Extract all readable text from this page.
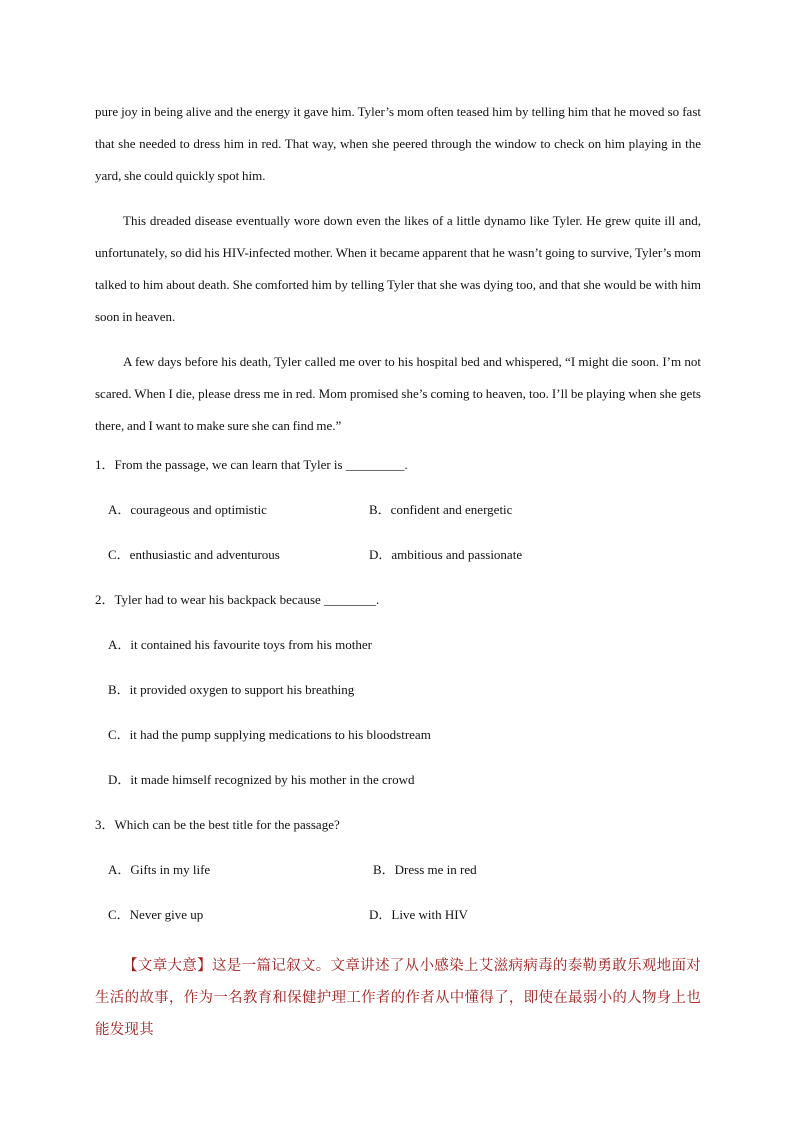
pure joy in being alive and the energy it gave him. Tyler’s mom often teased him by telling him that he moved so fast that she needed to dress him in red. That way, when she peered through the window to check on him playing in the yard, she could quickly spot him.

This dreaded disease eventually wore down even the likes of a little dynamo like Tyler. He grew quite ill and, unfortunately, so did his HIV-infected mother. When it became apparent that he wasn’t going to survive, Tyler’s mom talked to him about death. She comforted him by telling Tyler that she was dying too, and that she would be with him soon in heaven.

A few days before his death, Tyler called me over to his hospital bed and whispered, “I might die soon. I’m not scared. When I die, please dress me in red. Mom promised she’s coming to heaven, too. I’ll be playing when she gets there, and I want to make sure she can find me.”

1．From the passage, we can learn that Tyler is _________.
A．courageous and optimistic	B．confident and energetic
C．enthusiastic and adventurous	D．ambitious and passionate
2．Tyler had to wear his backpack because ________.
A．it contained his favourite toys from his mother
B．it provided oxygen to support his breathing
C．it had the pump supplying medications to his bloodstream
D．it made himself recognized by his mother in the crowd
3．Which can be the best title for the passage?
A．Gifts in my life	B．Dress me in red
C．Never give up	D．Live with HIV

【文章大意】这是一篇记叙文。文章讲述了从小感染上艾滋病病毒的泰勒勇敢乐观地面对生活的故事，作为一名教育和保健护理工作者的作者从中懂得了，即使在最弱小的人物身上也能发现其
